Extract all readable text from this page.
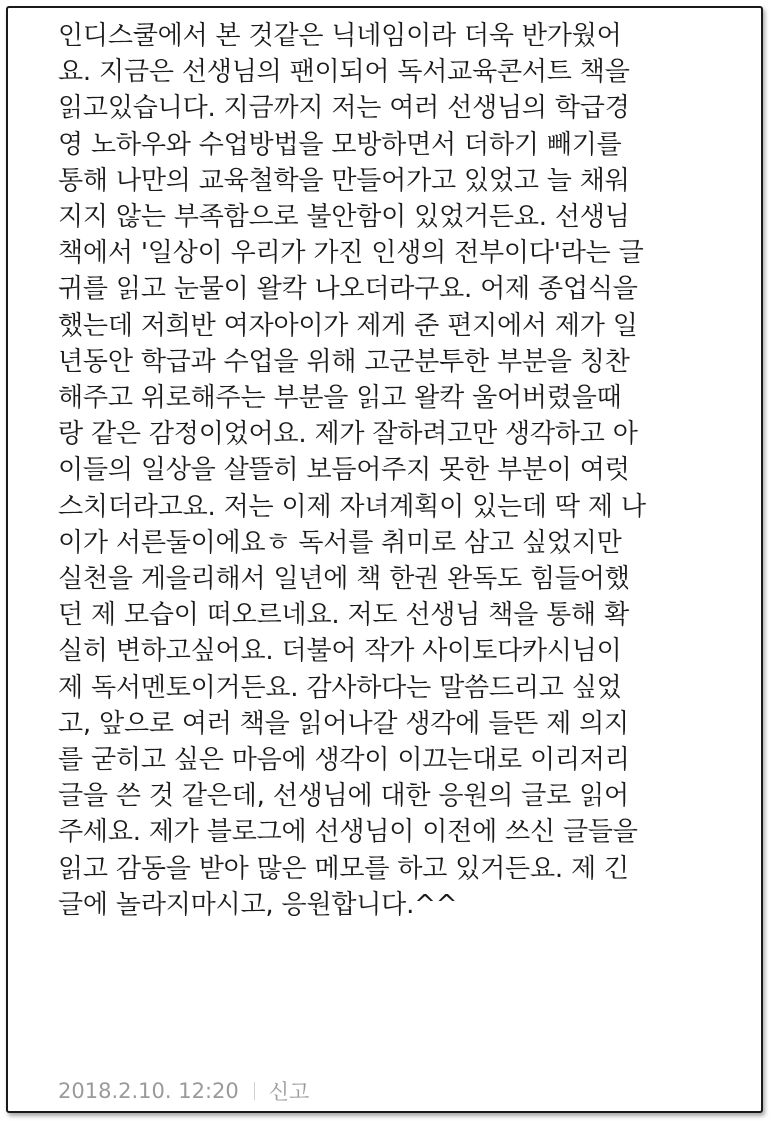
인디스쿨에서 본 것같은 닉네임이라 더욱 반가웠어
요. 지금은 선생님의 팬이되어 독서교육콘서트 책을
읽고있습니다. 지금까지 저는 여러 선생님의 학급경
영 노하우와 수업방법을 모방하면서 더하기 빼기를
통해 나만의 교육철학을 만들어가고 있었고 늘 채워
지지 않는 부족함으로 불안함이 있었거든요. 선생님
책에서 '일상이 우리가 가진 인생의 전부이다'라는 글
귀를 읽고 눈물이 왈칵 나오더라구요. 어제 종업식을
했는데 저희반 여자아이가 제게 준 편지에서 제가 일
년동안 학급과 수업을 위해 고군분투한 부분을 칭찬
해주고 위로해주는 부분을 읽고 왈칵 울어버렸을때
랑 같은 감정이었어요. 제가 잘하려고만 생각하고 아
이들의 일상을 살뜰히 보듬어주지 못한 부분이 여럿
스치더라고요. 저는 이제 자녀계획이 있는데 딱 제 나
이가 서른둘이에요ㅎ 독서를 취미로 삼고 싶었지만
실천을 게을리해서 일년에 책 한권 완독도 힘들어했
던 제 모습이 떠오르네요. 저도 선생님 책을 통해 확
실히 변하고싶어요. 더불어 작가 사이토다카시님이
제 독서멘토이거든요. 감사하다는 말씀드리고 싶었
고, 앞으로 여러 책을 읽어나갈 생각에 들뜬 제 의지
를 굳히고 싶은 마음에 생각이 이끄는대로 이리저리
글을 쓴 것 같은데, 선생님에 대한 응원의 글로 읽어
주세요. 제가 블로그에 선생님이 이전에 쓰신 글들을
읽고 감동을 받아 많은 메모를 하고 있거든요. 제 긴
글에 놀라지마시고, 응원합니다.^^

2018.2.10. 12:20 신고
